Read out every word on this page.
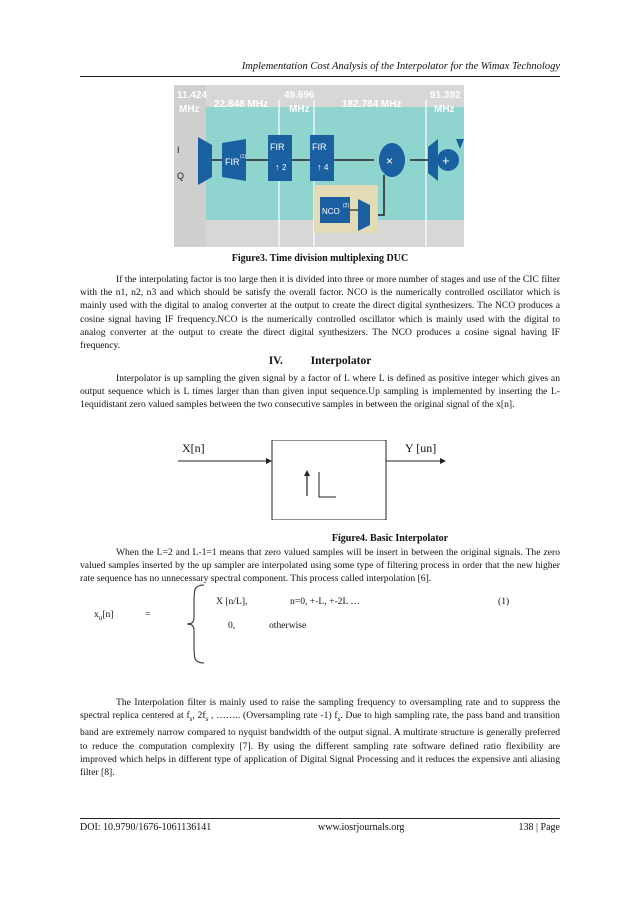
Implementation Cost Analysis of the Interpolator for the Wimax Technology
11.424
MHz 22.848 MHz
49.696
MHz	182.784 MHz
91.392
MHz
I
Q
FIR (1)
FIR
↑ 2
FIR
↑ 4	×	+
NCO
(2)
Figure3. Time division multiplexing DUC
If the interpolating factor is too large then it is divided into three or more number of stages and use of the CIC filter with the n1, n2, n3 and which should be satisfy the overall factor. NCO is the numerically controlled oscillator which is mainly used with the digital to analog converter at the output to create the direct digital synthesizers. The NCO produces a cosine signal having IF frequency.NCO is the numerically controlled oscillator which is mainly used with the digital to analog converter at the output to create the direct digital synthesizers. The NCO produces a cosine signal having IF frequency.
IV. Interpolator
Interpolator is up sampling the given signal by a factor of L where L is defined as positive integer which gives an output sequence which is L times larger than than given input sequence.Up sampling is implemented by inserting the L-1equidistant zero valued samples between the two consecutive samples in between the original signal of the x[n].
X[n]	Y [un]
Figure4. Basic Interpolator
When the L=2 and L-1=1 means that zero valued samples will be insert in between the original signals. The zero valued samples inserted by the up sampler are interpolated using some type of filtering process in order that the new higher rate sequence has no unnecessary spectral component. This process called interpolation [6].
$x_u[n]$	=
X [n/L],	n=0, +-L, +-2L …
0,	otherwise
(1)
The Interpolation filter is mainly used to raise the sampling frequency to oversampling rate and to suppress the spectral replica centered at $f_s$, $2f_s$ , …….. (Oversampling rate -1) $f_s$. Due to high sampling rate, the pass band and transition band are extremely narrow compared to nyquist bandwidth of the output signal. A multirate structure is generally preferred to reduce the computation complexity [7]. By using the different sampling rate software defined ratio flexibility are improved which helps in different type of application of Digital Signal Processing and it reduces the expensive anti aliasing filter [8].
DOI: 10.9790/1676-1061136141	www.iosrjournals.org	138 | Page
